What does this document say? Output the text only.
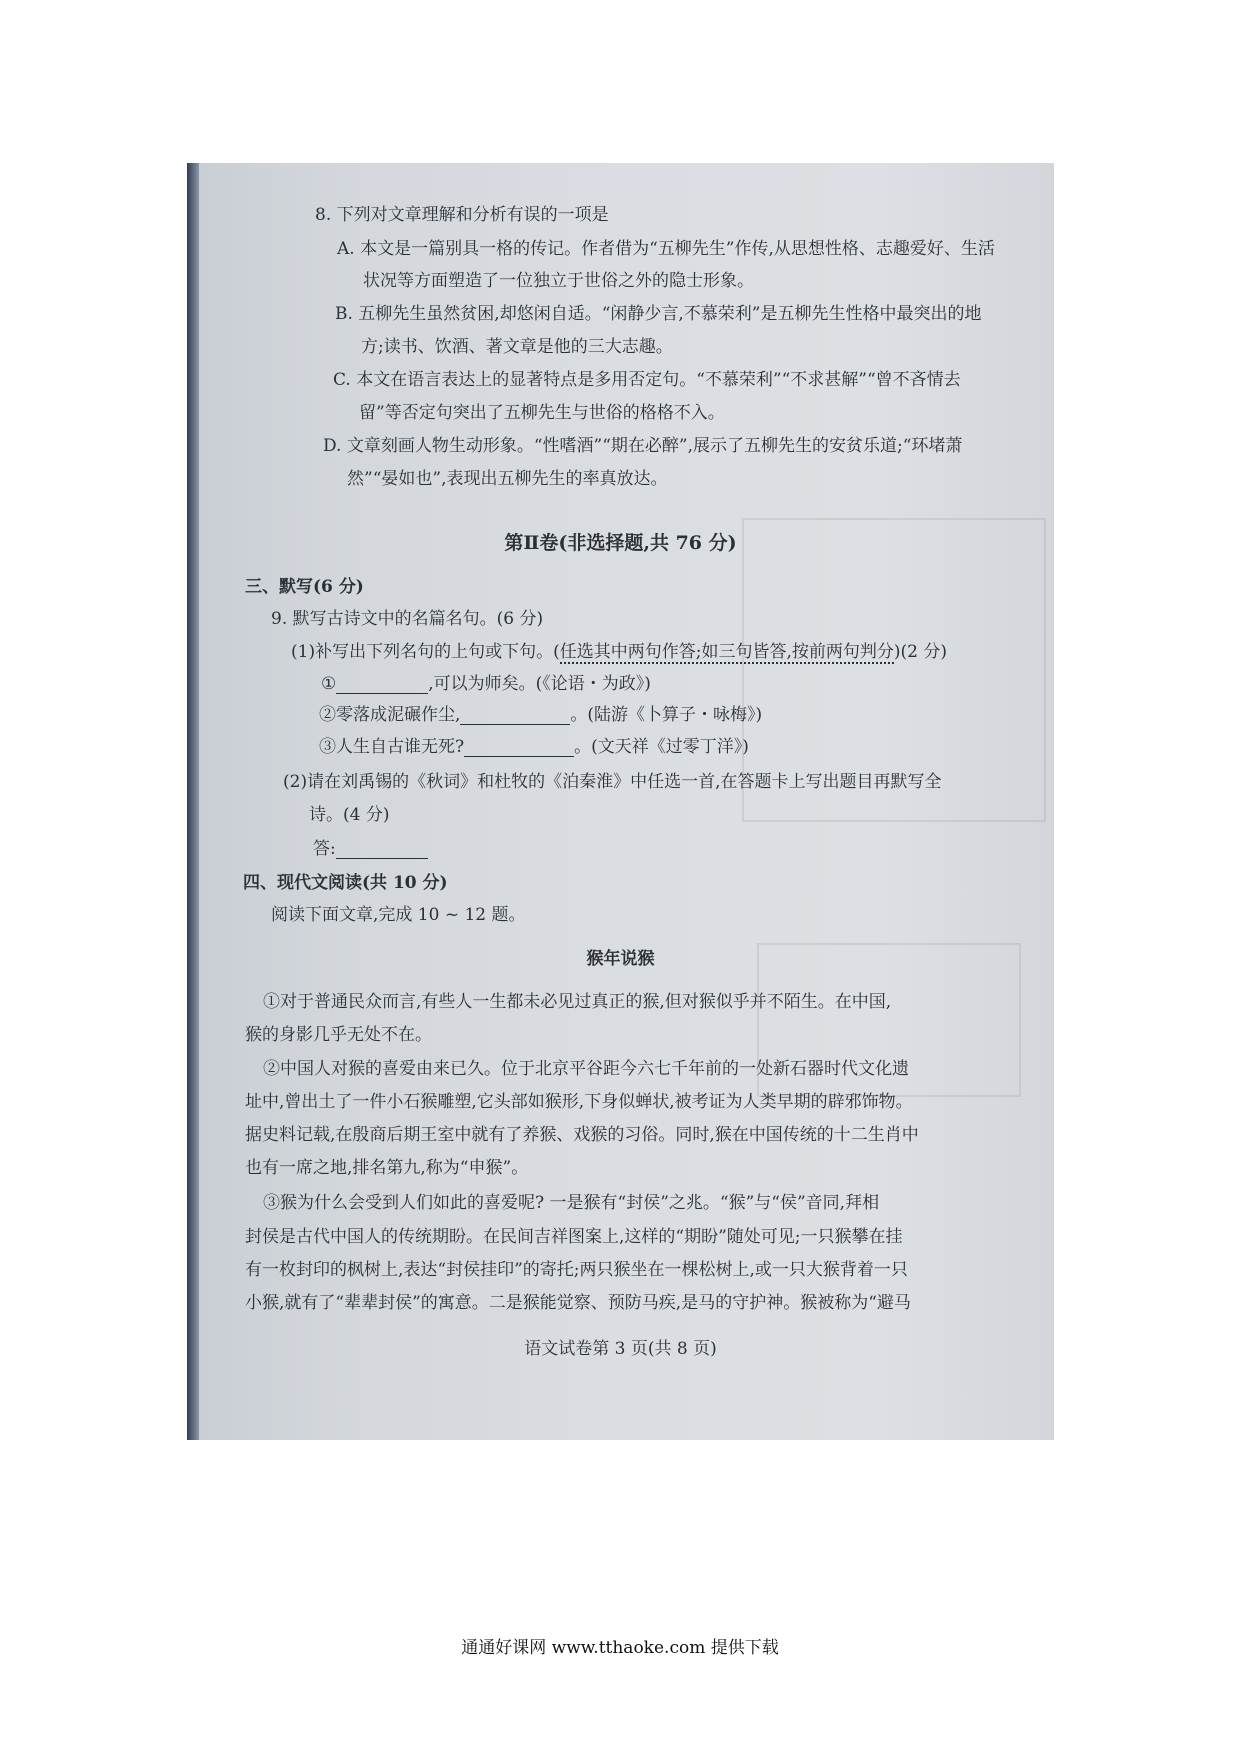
8. 下列对文章理解和分析有误的一项是
A. 本文是一篇别具一格的传记。作者借为“五柳先生”作传,从思想性格、志趣爱好、生活
状况等方面塑造了一位独立于世俗之外的隐士形象。
B. 五柳先生虽然贫困,却悠闲自适。“闲静少言,不慕荣利”是五柳先生性格中最突出的地
方;读书、饮酒、著文章是他的三大志趣。
C. 本文在语言表达上的显著特点是多用否定句。“不慕荣利”“不求甚解”“曾不吝情去
留”等否定句突出了五柳先生与世俗的格格不入。
D. 文章刻画人物生动形象。“性嗜酒”“期在必醉”,展示了五柳先生的安贫乐道;“环堵萧
然”“晏如也”,表现出五柳先生的率真放达。
第Ⅱ卷(非选择题,共 76 分)
三、默写(6 分)
9. 默写古诗文中的名篇名句。(6 分)
(1)补写出下列名句的上句或下句。(任选其中两句作答;如三句皆答,按前两句判分)(2 分)
①	,可以为师矣。(《论语・为政》)
②零落成泥碾作尘,	。(陆游《卜算子・咏梅》)
③人生自古谁无死?	。(文天祥《过零丁洋》)
(2)请在刘禹锡的《秋词》和杜牧的《泊秦淮》中任选一首,在答题卡上写出题目再默写全
诗。(4 分)
答:
四、现代文阅读(共 10 分)
阅读下面文章,完成 10 ~ 12 题。
猴年说猴
①对于普通民众而言,有些人一生都未必见过真正的猴,但对猴似乎并不陌生。在中国,
猴的身影几乎无处不在。
②中国人对猴的喜爱由来已久。位于北京平谷距今六七千年前的一处新石器时代文化遗
址中,曾出土了一件小石猴雕塑,它头部如猴形,下身似蝉状,被考证为人类早期的辟邪饰物。
据史料记载,在殷商后期王室中就有了养猴、戏猴的习俗。同时,猴在中国传统的十二生肖中
也有一席之地,排名第九,称为“申猴”。
③猴为什么会受到人们如此的喜爱呢? 一是猴有“封侯”之兆。“猴”与“侯”音同,拜相
封侯是古代中国人的传统期盼。在民间吉祥图案上,这样的“期盼”随处可见;一只猴攀在挂
有一枚封印的枫树上,表达“封侯挂印”的寄托;两只猴坐在一棵松树上,或一只大猴背着一只
小猴,就有了“辈辈封侯”的寓意。二是猴能觉察、预防马疾,是马的守护神。猴被称为“避马
语文试卷第 3 页(共 8 页)
通通好课网 www.tthaoke.com 提供下载
